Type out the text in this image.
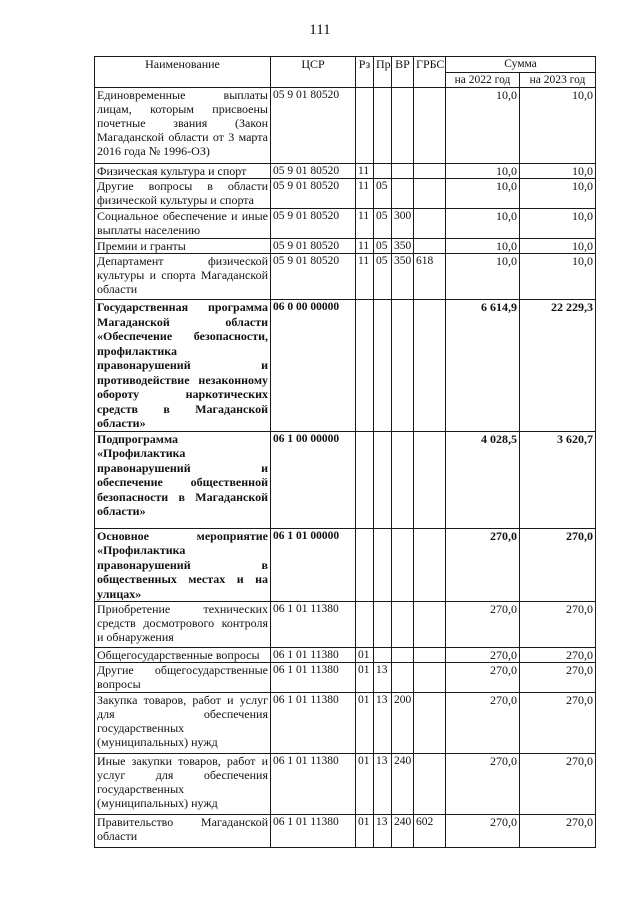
111
Наименование	ЦСР	Рз	Пр	ВР	ГРБС	Сумма	
						на 2022 год	на 2023 год
Единовременные выплаты лицам, которым присвоены почетные звания (Закон Магаданской области от 3 марта 2016 года № 1996-ОЗ)	05 9 01 80520					10,0	10,0
Физическая культура и спорт	05 9 01 80520	11				10,0	10,0
Другие вопросы в области физической культуры и спорта	05 9 01 80520	11	05			10,0	10,0
Социальное обеспечение и иные выплаты населению	05 9 01 80520	11	05	300		10,0	10,0
Премии и гранты	05 9 01 80520	11	05	350		10,0	10,0
Департамент физической культуры и спорта Магаданской области	05 9 01 80520	11	05	350	618	10,0	10,0
Государственная программа Магаданской области «Обеспечение безопасности, профилактика правонарушений и противодействие незаконному обороту наркотических средств в Магаданской области»	06 0 00 00000					6 614,9	22 229,3
Подпрограмма «Профилактика правонарушений и обеспечение общественной безопасности в Магаданской области»	06 1 00 00000					4 028,5	3 620,7
Основное мероприятие «Профилактика правонарушений в общественных местах и на улицах»	06 1 01 00000					270,0	270,0
Приобретение технических средств досмотрового контроля и обнаружения	06 1 01 11380					270,0	270,0
Общегосударственные вопросы	06 1 01 11380	01				270,0	270,0
Другие общегосударственные вопросы	06 1 01 11380	01	13			270,0	270,0
Закупка товаров, работ и услуг для обеспечения государственных (муниципальных) нужд	06 1 01 11380	01	13	200		270,0	270,0
Иные закупки товаров, работ и услуг для обеспечения государственных (муниципальных) нужд	06 1 01 11380	01	13	240		270,0	270,0
Правительство Магаданской области	06 1 01 11380	01	13	240	602	270,0	270,0
